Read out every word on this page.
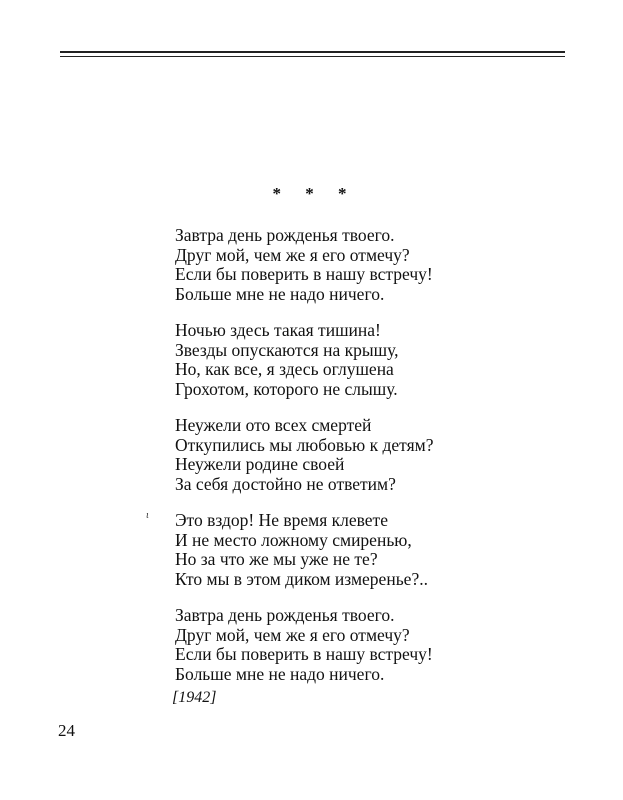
* * *
Завтра день рожденья твоего.
Друг мой, чем же я его отмечу?
Если бы поверить в нашу встречу!
Больше мне не надо ничего.
Ночью здесь такая тишина!
Звезды опускаются на крышу,
Но, как все, я здесь оглушена
Грохотом, которого не слышу.
Неужели ото всех смертей
Откупились мы любовью к детям?
Неужели родине своей
За себя достойно не ответим?
Это вздор! Не время клевете
И не место ложному смиренью,
Но за что же мы уже не те?
Кто мы в этом диком измеренье?..
Завтра день рожденья твоего.
Друг мой, чем же я его отмечу?
Если бы поверить в нашу встречу!
Больше мне не надо ничего.
ι
[1942]
24
